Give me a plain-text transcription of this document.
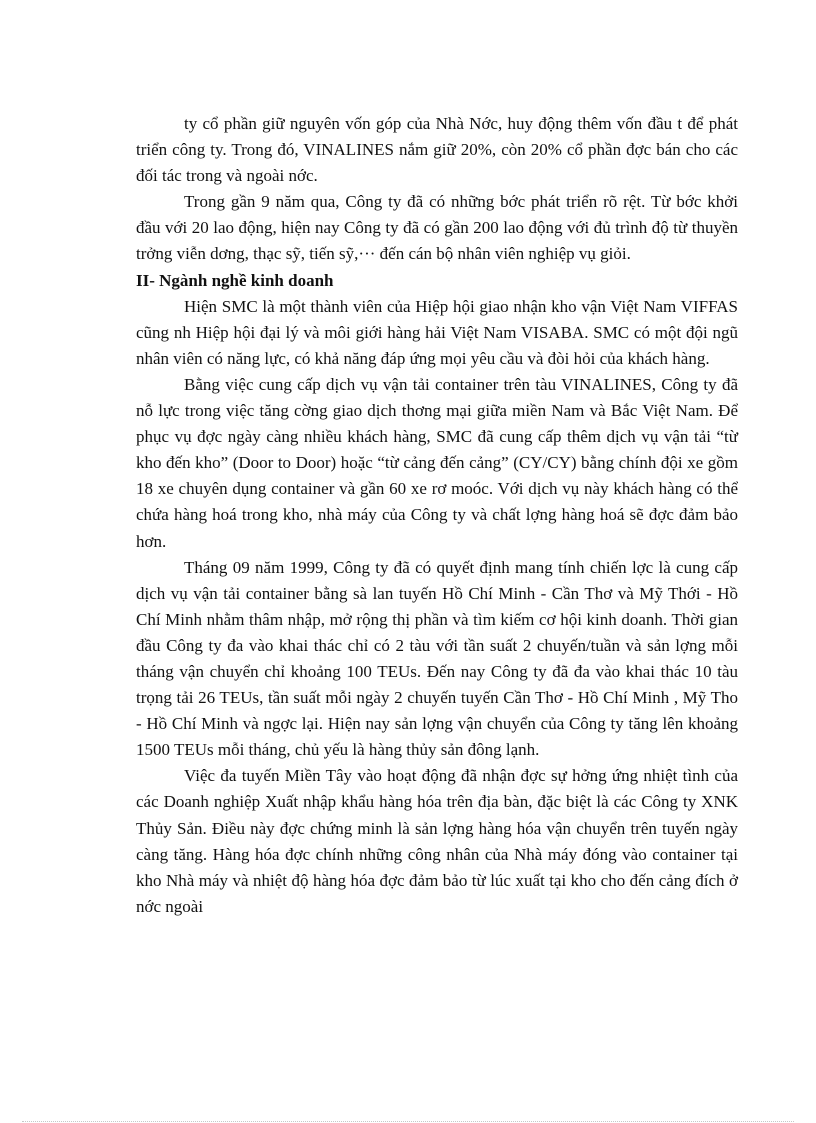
ty cổ phần giữ nguyên vốn góp của Nhà Nớc, huy động thêm vốn đầu t để phát triển công ty. Trong đó, VINALINES nắm giữ 20%, còn 20% cổ phần đợc bán cho các đối tác trong và ngoài nớc.

Trong gần 9 năm qua, Công ty đã có những bớc phát triển rõ rệt. Từ bớc khởi đầu với 20 lao động, hiện nay Công ty đã có gần 200 lao động với đủ trình độ từ thuyền trởng viễn dơng, thạc sỹ, tiến sỹ,··· đến cán bộ nhân viên nghiệp vụ giỏi.

II- Ngành nghề kinh doanh

Hiện SMC là một thành viên của Hiệp hội giao nhận kho vận Việt Nam VIFFAS cũng nh Hiệp hội đại lý và môi giới hàng hải Việt Nam VISABA. SMC có một đội ngũ nhân viên có năng lực, có khả năng đáp ứng mọi yêu cầu và đòi hỏi của khách hàng.

Bằng việc cung cấp dịch vụ vận tải container trên tàu VINALINES, Công ty đã nỗ lực trong việc tăng cờng giao dịch thơng mại giữa miền Nam và Bắc Việt Nam. Để phục vụ đợc ngày càng nhiều khách hàng, SMC đã cung cấp thêm dịch vụ vận tải “từ kho đến kho” (Door to Door) hoặc “từ cảng đến cảng” (CY/CY) bằng chính đội xe gồm 18 xe chuyên dụng container và gần 60 xe rơ moóc. Với dịch vụ này khách hàng có thể chứa hàng hoá trong kho, nhà máy của Công ty và chất lợng hàng hoá sẽ đợc đảm bảo hơn.

Tháng 09 năm 1999, Công ty đã có quyết định mang tính chiến lợc là cung cấp dịch vụ vận tải container bằng sà lan tuyến Hồ Chí Minh - Cần Thơ và Mỹ Thới - Hồ Chí Minh nhằm thâm nhập, mở rộng thị phần và tìm kiếm cơ hội kinh doanh. Thời gian đầu Công ty đa vào khai thác chỉ có 2 tàu với tần suất 2 chuyến/tuần và sản lợng mỗi tháng vận chuyển chỉ khoảng 100 TEUs. Đến nay Công ty đã đa vào khai thác 10 tàu trọng tải 26 TEUs, tần suất mỗi ngày 2 chuyến tuyến Cần Thơ - Hồ Chí Minh , Mỹ Tho - Hồ Chí Minh và ngợc lại. Hiện nay sản lợng vận chuyển của Công ty tăng lên khoảng 1500 TEUs mỗi tháng, chủ yếu là hàng thủy sản đông lạnh.

Việc đa tuyến Miền Tây vào hoạt động đã nhận đợc sự hởng ứng nhiệt tình của các Doanh nghiệp Xuất nhập khẩu hàng hóa trên địa bàn, đặc biệt là các Công ty XNK Thủy Sản. Điều này đợc chứng minh là sản lợng hàng hóa vận chuyển trên tuyến ngày càng tăng. Hàng hóa đợc chính những công nhân của Nhà máy đóng vào container tại kho Nhà máy và nhiệt độ hàng hóa đợc đảm bảo từ lúc xuất tại kho cho đến cảng đích ở nớc ngoài
